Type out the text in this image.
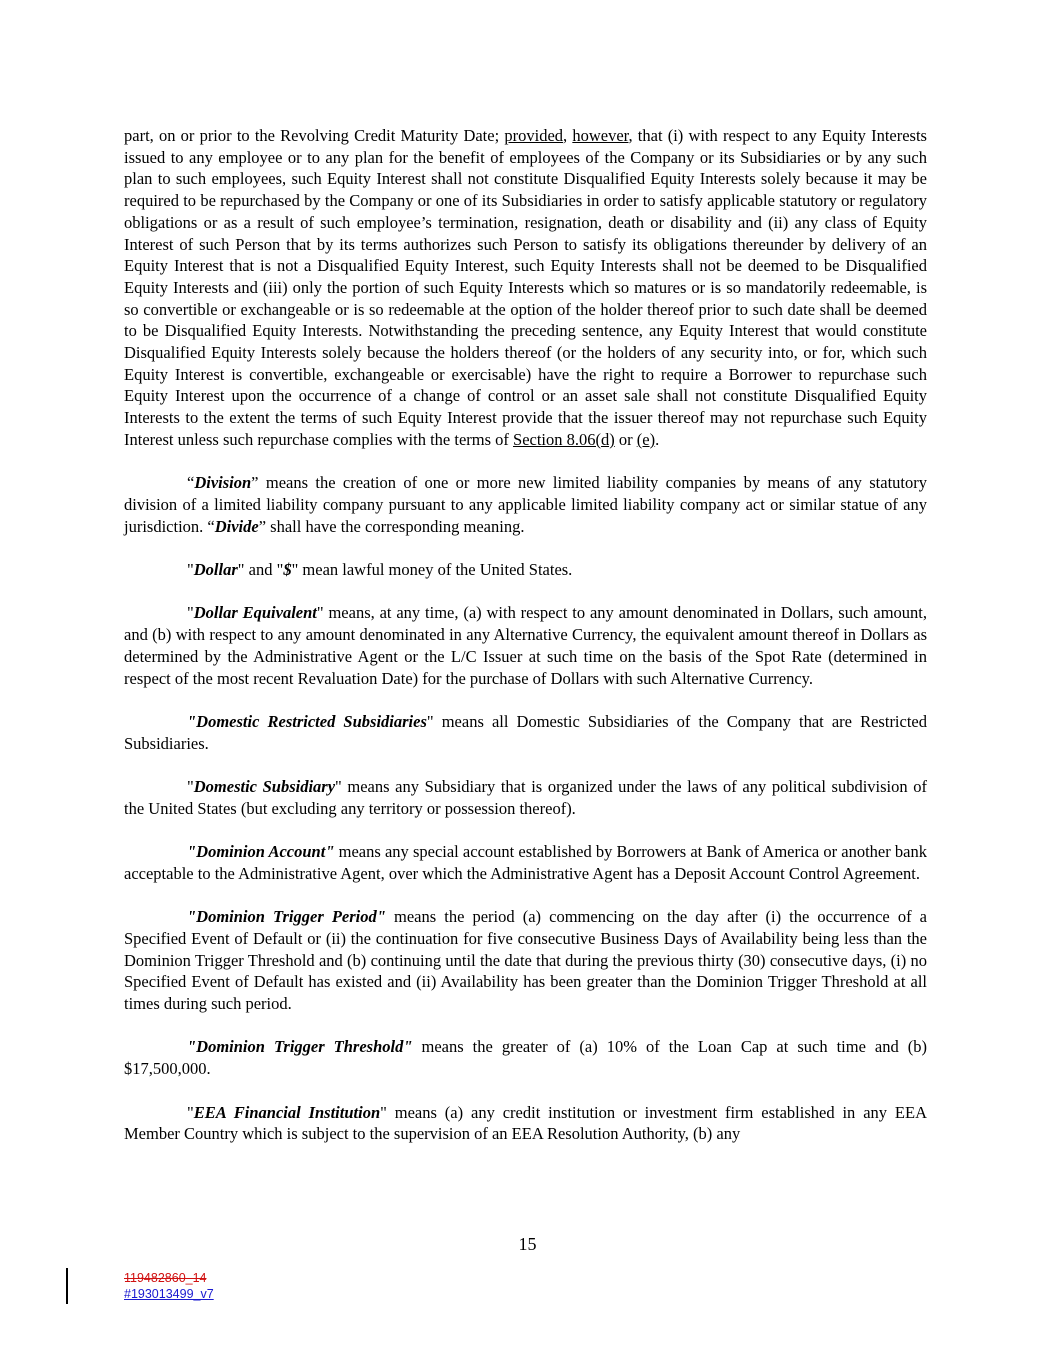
part, on or prior to the Revolving Credit Maturity Date; provided, however, that (i) with respect to any Equity Interests issued to any employee or to any plan for the benefit of employees of the Company or its Subsidiaries or by any such plan to such employees, such Equity Interest shall not constitute Disqualified Equity Interests solely because it may be required to be repurchased by the Company or one of its Subsidiaries in order to satisfy applicable statutory or regulatory obligations or as a result of such employee’s termination, resignation, death or disability and (ii) any class of Equity Interest of such Person that by its terms authorizes such Person to satisfy its obligations thereunder by delivery of an Equity Interest that is not a Disqualified Equity Interest, such Equity Interests shall not be deemed to be Disqualified Equity Interests and (iii) only the portion of such Equity Interests which so matures or is so mandatorily redeemable, is so convertible or exchangeable or is so redeemable at the option of the holder thereof prior to such date shall be deemed to be Disqualified Equity Interests. Notwithstanding the preceding sentence, any Equity Interest that would constitute Disqualified Equity Interests solely because the holders thereof (or the holders of any security into, or for, which such Equity Interest is convertible, exchangeable or exercisable) have the right to require a Borrower to repurchase such Equity Interest upon the occurrence of a change of control or an asset sale shall not constitute Disqualified Equity Interests to the extent the terms of such Equity Interest provide that the issuer thereof may not repurchase such Equity Interest unless such repurchase complies with the terms of Section 8.06(d) or (e).

“Division” means the creation of one or more new limited liability companies by means of any statutory division of a limited liability company pursuant to any applicable limited liability company act or similar statue of any jurisdiction. “Divide” shall have the corresponding meaning.

"Dollar" and "$" mean lawful money of the United States.

"Dollar Equivalent" means, at any time, (a) with respect to any amount denominated in Dollars, such amount, and (b) with respect to any amount denominated in any Alternative Currency, the equivalent amount thereof in Dollars as determined by the Administrative Agent or the L/C Issuer at such time on the basis of the Spot Rate (determined in respect of the most recent Revaluation Date) for the purchase of Dollars with such Alternative Currency.

"Domestic Restricted Subsidiaries" means all Domestic Subsidiaries of the Company that are Restricted Subsidiaries.

"Domestic Subsidiary" means any Subsidiary that is organized under the laws of any political subdivision of the United States (but excluding any territory or possession thereof).

"Dominion Account" means any special account established by Borrowers at Bank of America or another bank acceptable to the Administrative Agent, over which the Administrative Agent has a Deposit Account Control Agreement.

"Dominion Trigger Period" means the period (a) commencing on the day after (i) the occurrence of a Specified Event of Default or (ii) the continuation for five consecutive Business Days of Availability being less than the Dominion Trigger Threshold and (b) continuing until the date that during the previous thirty (30) consecutive days, (i) no Specified Event of Default has existed and (ii) Availability has been greater than the Dominion Trigger Threshold at all times during such period.

"Dominion Trigger Threshold" means the greater of (a) 10% of the Loan Cap at such time and (b) $17,500,000.

"EEA Financial Institution" means (a) any credit institution or investment firm established in any EEA Member Country which is subject to the supervision of an EEA Resolution Authority, (b) any

15
119482860_14
#193013499_v7
